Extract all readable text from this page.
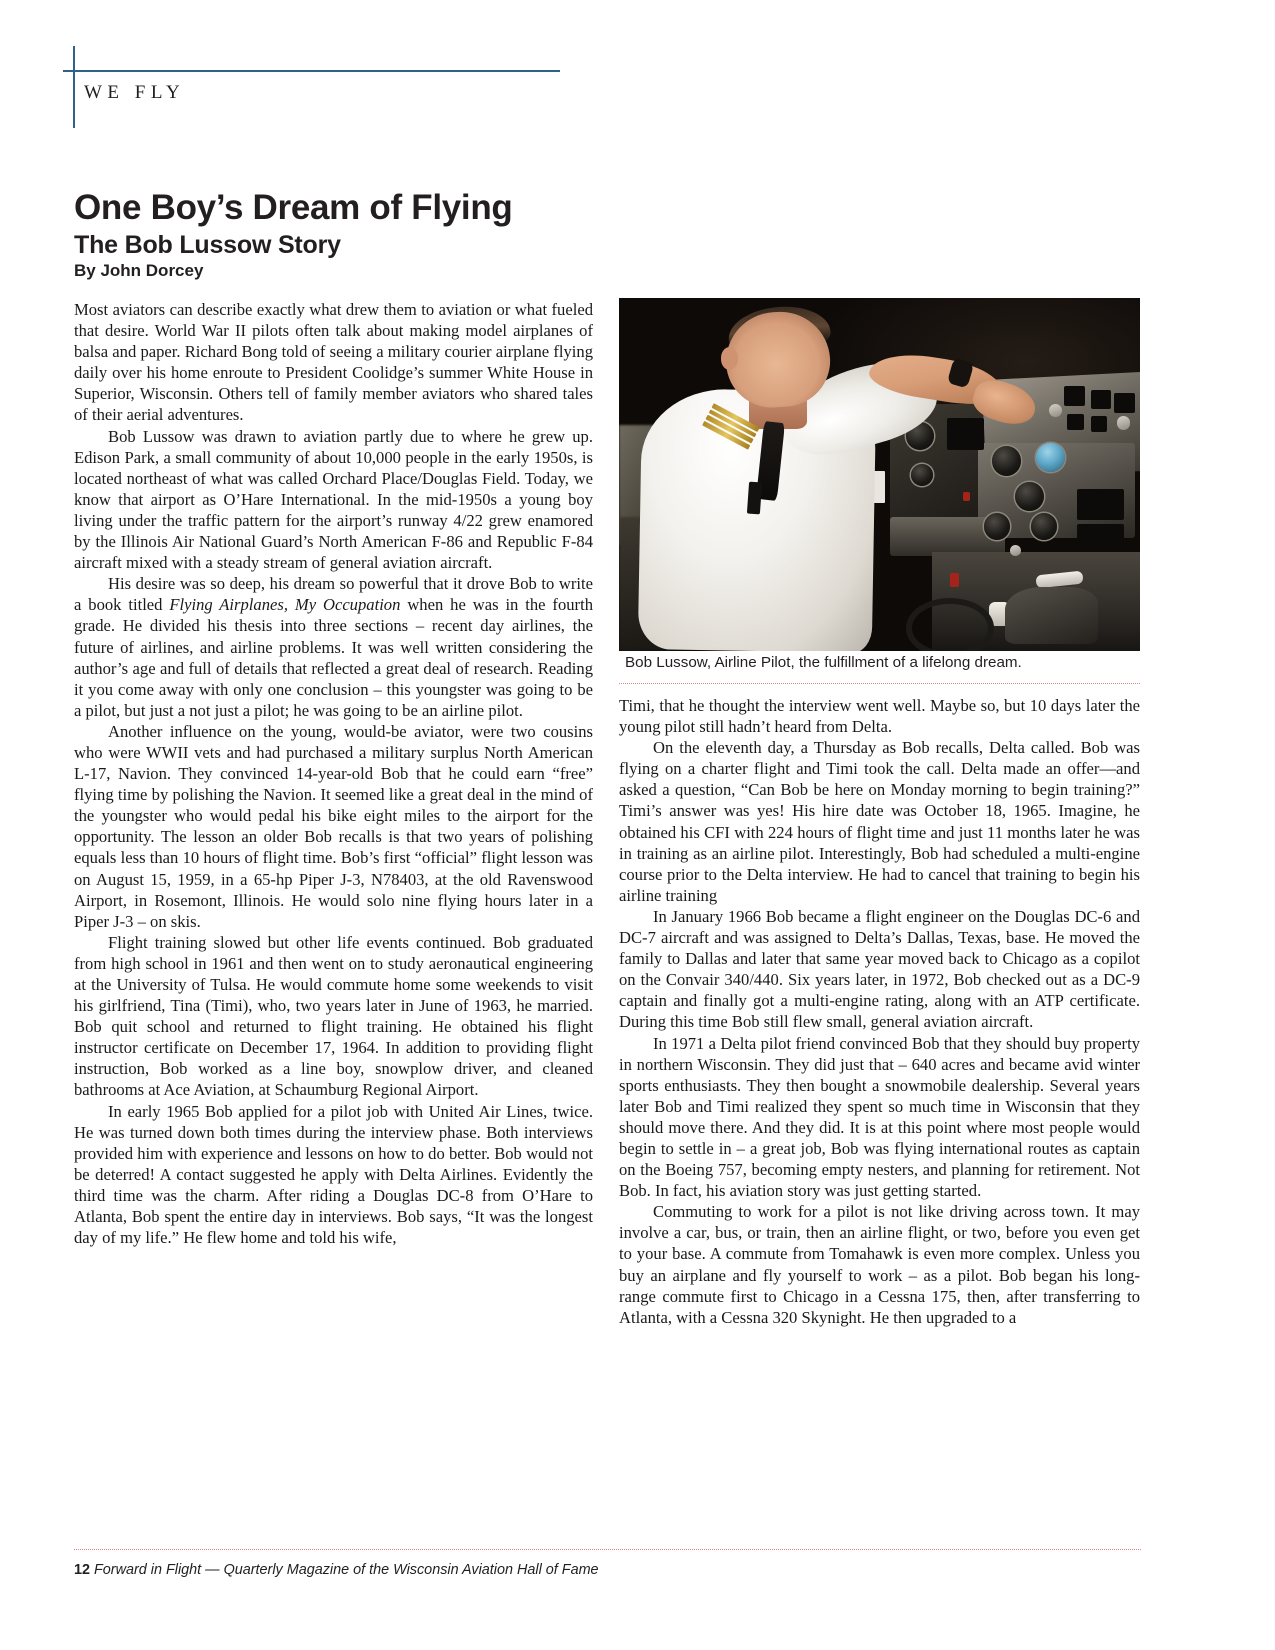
WE FLY
One Boy’s Dream of Flying
The Bob Lussow Story
By John Dorcey
Bob Lussow, Airline Pilot, the fulfillment of a lifelong dream.

Most aviators can describe exactly what drew them to aviation or what fueled that desire. World War II pilots often talk about making model airplanes of balsa and paper. Richard Bong told of seeing a military courier airplane flying daily over his home enroute to President Coolidge’s summer White House in Superior, Wisconsin. Others tell of family member aviators who shared tales of their aerial adventures.

Bob Lussow was drawn to aviation partly due to where he grew up. Edison Park, a small community of about 10,000 people in the early 1950s, is located northeast of what was called Orchard Place/Douglas Field. Today, we know that airport as O’Hare International. In the mid-1950s a young boy living under the traffic pattern for the airport’s runway 4/22 grew enamored by the Illinois Air National Guard’s North American F-86 and Republic F-84 aircraft mixed with a steady stream of general aviation aircraft.

His desire was so deep, his dream so powerful that it drove Bob to write a book titled Flying Airplanes, My Occupation when he was in the fourth grade. He divided his thesis into three sections – recent day airlines, the future of airlines, and airline problems. It was well written considering the author’s age and full of details that reflected a great deal of research. Reading it you come away with only one conclusion – this youngster was going to be a pilot, but just a not just a pilot; he was going to be an airline pilot.

Another influence on the young, would-be aviator, were two cousins who were WWII vets and had purchased a military surplus North American L-17, Navion. They convinced 14-year-old Bob that he could earn “free” flying time by polishing the Navion. It seemed like a great deal in the mind of the youngster who would pedal his bike eight miles to the airport for the opportunity. The lesson an older Bob recalls is that two years of polishing equals less than 10 hours of flight time. Bob’s first “official” flight lesson was on August 15, 1959, in a 65-hp Piper J-3, N78403, at the old Ravenswood Airport, in Rosemont, Illinois. He would solo nine flying hours later in a Piper J-3 – on skis.

Flight training slowed but other life events continued. Bob graduated from high school in 1961 and then went on to study aeronautical engineering at the University of Tulsa. He would commute home some weekends to visit his girlfriend, Tina (Timi), who, two years later in June of 1963, he married. Bob quit school and returned to flight training. He obtained his flight instructor certificate on December 17, 1964. In addition to providing flight instruction, Bob worked as a line boy, snowplow driver, and cleaned bathrooms at Ace Aviation, at Schaumburg Regional Airport.

In early 1965 Bob applied for a pilot job with United Air Lines, twice. He was turned down both times during the interview phase. Both interviews provided him with experience and lessons on how to do better. Bob would not be deterred! A contact suggested he apply with Delta Airlines. Evidently the third time was the charm. After riding a Douglas DC-8 from O’Hare to Atlanta, Bob spent the entire day in interviews. Bob says, “It was the longest day of my life.” He flew home and told his wife,

Timi, that he thought the interview went well. Maybe so, but 10 days later the young pilot still hadn’t heard from Delta.

On the eleventh day, a Thursday as Bob recalls, Delta called. Bob was flying on a charter flight and Timi took the call. Delta made an offer—and asked a question, “Can Bob be here on Monday morning to begin training?” Timi’s answer was yes! His hire date was October 18, 1965. Imagine, he obtained his CFI with 224 hours of flight time and just 11 months later he was in training as an airline pilot. Interestingly, Bob had scheduled a multi-engine course prior to the Delta interview. He had to cancel that training to begin his airline training

In January 1966 Bob became a flight engineer on the Douglas DC-6 and DC-7 aircraft and was assigned to Delta’s Dallas, Texas, base. He moved the family to Dallas and later that same year moved back to Chicago as a copilot on the Convair 340/440. Six years later, in 1972, Bob checked out as a DC-9 captain and finally got a multi-engine rating, along with an ATP certificate. During this time Bob still flew small, general aviation aircraft.

In 1971 a Delta pilot friend convinced Bob that they should buy property in northern Wisconsin. They did just that – 640 acres and became avid winter sports enthusiasts. They then bought a snowmobile dealership. Several years later Bob and Timi realized they spent so much time in Wisconsin that they should move there. And they did. It is at this point where most people would begin to settle in – a great job, Bob was flying international routes as captain on the Boeing 757, becoming empty nesters, and planning for retirement. Not Bob. In fact, his aviation story was just getting started.

Commuting to work for a pilot is not like driving across town. It may involve a car, bus, or train, then an airline flight, or two, before you even get to your base. A commute from Tomahawk is even more complex. Unless you buy an airplane and fly yourself to work – as a pilot. Bob began his long-range commute first to Chicago in a Cessna 175, then, after transferring to Atlanta, with a Cessna 320 Skynight. He then upgraded to a

12 Forward in Flight — Quarterly Magazine of the Wisconsin Aviation Hall of Fame
